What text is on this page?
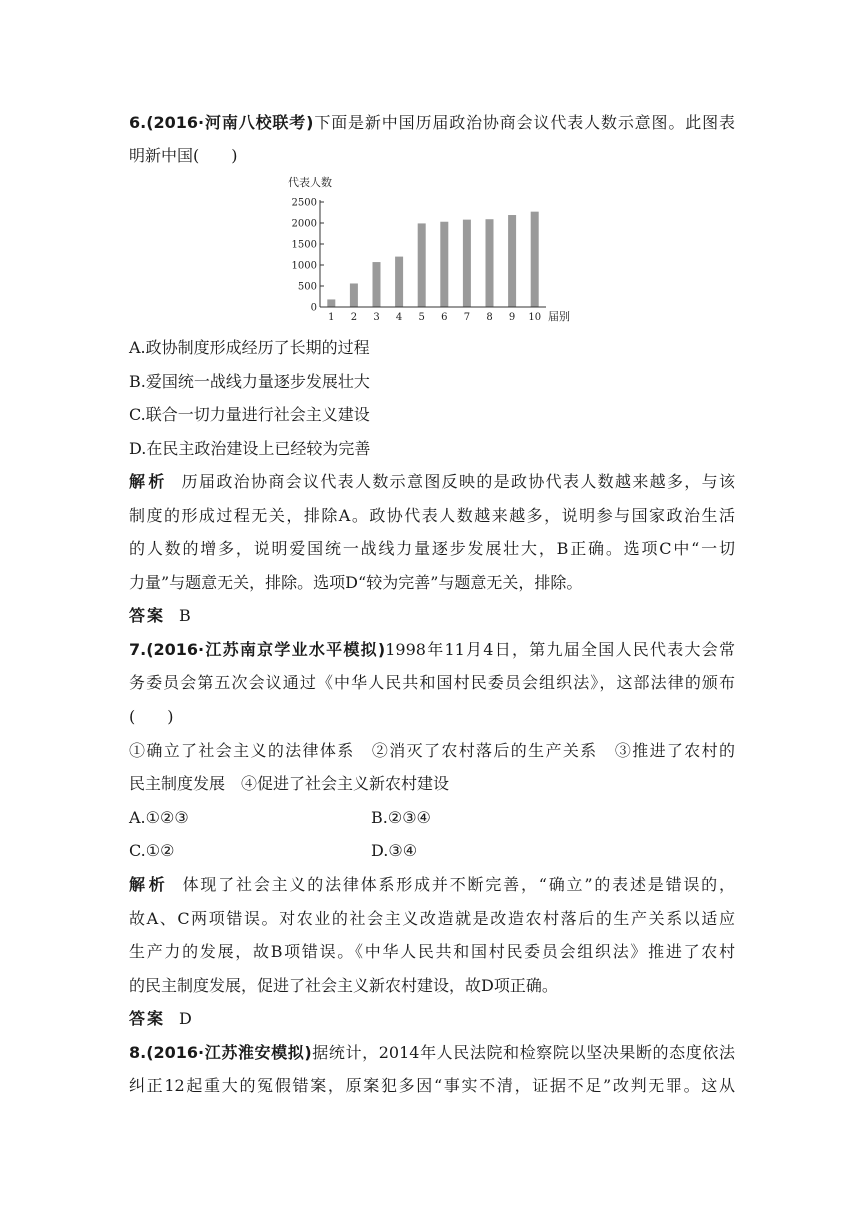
6.(2016·河南八校联考)下面是新中国历届政治协商会议代表人数示意图。此图表
明新中国(　　)
代表人数
0
500
1000
1500
2000
2500
1 2 3 4 5 6 7 8 9 10 届别
A.政协制度形成经历了长期的过程
B.爱国统一战线力量逐步发展壮大
C.联合一切力量进行社会主义建设
D.在民主政治建设上已经较为完善
解析 历届政治协商会议代表人数示意图反映的是政协代表人数越来越多，与该
制度的形成过程无关，排除A。政协代表人数越来越多，说明参与国家政治生活
的人数的增多，说明爱国统一战线力量逐步发展壮大，B正确。选项C中“一切
力量”与题意无关，排除。选项D“较为完善”与题意无关，排除。
答案 B
7.(2016·江苏南京学业水平模拟)1998年11月4日，第九届全国人民代表大会常
务委员会第五次会议通过《中华人民共和国村民委员会组织法》，这部法律的颁布
(　　)
①确立了社会主义的法律体系　②消灭了农村落后的生产关系　③推进了农村的
民主制度发展　④促进了社会主义新农村建设
A.①②③	B.②③④
C.①②	D.③④
解析 体现了社会主义的法律体系形成并不断完善，“确立”的表述是错误的，
故A、C两项错误。对农业的社会主义改造就是改造农村落后的生产关系以适应
生产力的发展，故B项错误。《中华人民共和国村民委员会组织法》推进了农村
的民主制度发展，促进了社会主义新农村建设，故D项正确。
答案 D
8.(2016·江苏淮安模拟)据统计，2014年人民法院和检察院以坚决果断的态度依法
纠正12起重大的冤假错案，原案犯多因“事实不清，证据不足”改判无罪。这从
